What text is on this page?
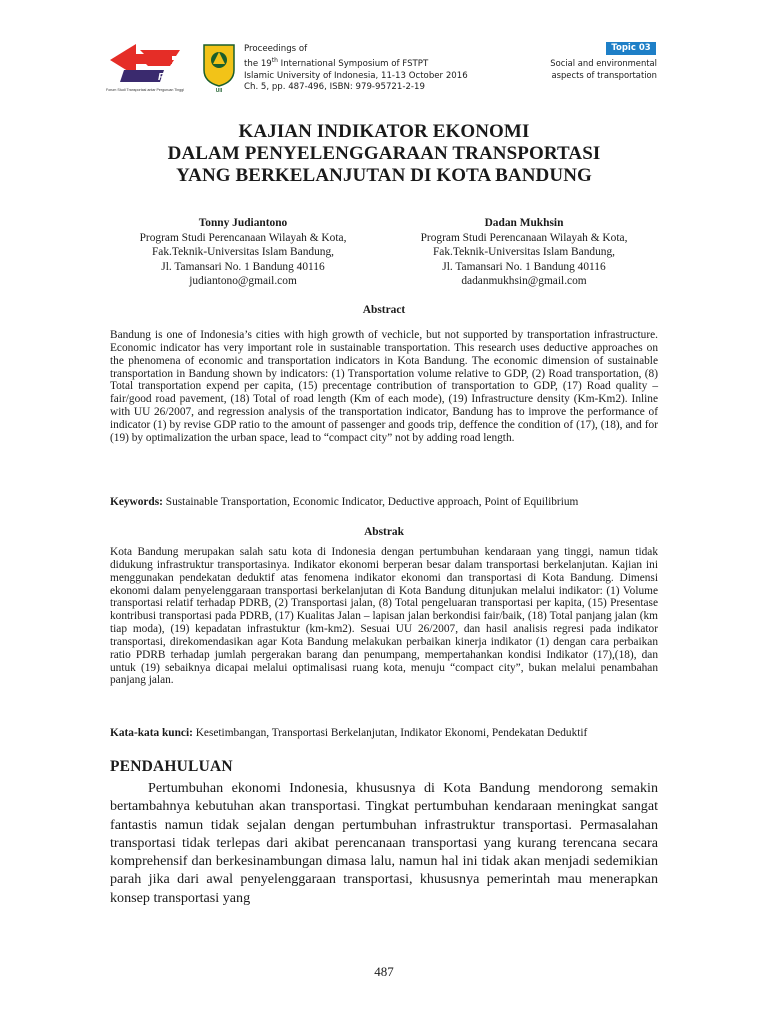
FSTPT
Forum Studi Transportasi antar Perguruan Tinggi	UII
Proceedings of
the 19th International Symposium of FSTPT
Islamic University of Indonesia, 11-13 October 2016
Ch. 5, pp. 487-496, ISBN: 979-95721-2-19
Topic 03
Social and environmental
aspects of transportation
KAJIAN INDIKATOR EKONOMI
DALAM PENYELENGGARAAN TRANSPORTASI
YANG BERKELANJUTAN DI KOTA BANDUNG
Tonny Judiantono
Program Studi Perencanaan Wilayah & Kota,
Fak.Teknik-Universitas Islam Bandung,
Jl. Tamansari No. 1 Bandung 40116
judiantono@gmail.com
Dadan Mukhsin
Program Studi Perencanaan Wilayah & Kota,
Fak.Teknik-Universitas Islam Bandung,
Jl. Tamansari No. 1 Bandung 40116
dadanmukhsin@gmail.com
Abstract
Bandung is one of Indonesia’s cities with high growth of vechicle, but not supported by transportation infrastructure. Economic indicator has very important role in sustainable transportation. This research uses deductive approaches on the phenomena of economic and transportation indicators in Kota Bandung. The economic dimension of sustainable transportation in Bandung shown by indicators: (1) Transportation volume relative to GDP, (2) Road transportation, (8) Total transportation expend per capita, (15) precentage contribution of transportation to GDP, (17) Road quality – fair/good road pavement, (18) Total of road length (Km of each mode), (19) Infrastructure density (Km-Km2). Inline with UU 26/2007, and regression analysis of the transportation indicator, Bandung has to improve the performance of indicator (1) by revise GDP ratio to the amount of passenger and goods trip, deffence the condition of (17), (18), and for (19) by optimalization the urban space, lead to “compact city” not by adding road length.
Keywords: Sustainable Transportation, Economic Indicator, Deductive approach, Point of Equilibrium
Abstrak
Kota Bandung merupakan salah satu kota di Indonesia dengan pertumbuhan kendaraan yang tinggi, namun tidak didukung infrastruktur transportasinya. Indikator ekonomi berperan besar dalam transportasi berkelanjutan. Kajian ini menggunakan pendekatan deduktif atas fenomena indikator ekonomi dan transportasi di Kota Bandung. Dimensi ekonomi dalam penyelenggaraan transportasi berkelanjutan di Kota Bandung ditunjukan melalui indikator: (1) Volume transportasi relatif terhadap PDRB, (2) Transportasi jalan, (8) Total pengeluaran transportasi per kapita, (15) Presentase kontribusi transportasi pada PDRB, (17) Kualitas Jalan – lapisan jalan berkondisi fair/baik, (18) Total panjang jalan (km tiap moda), (19) kepadatan infrastuktur (km-km2). Sesuai UU 26/2007, dan hasil analisis regresi pada indikator transportasi, direkomendasikan agar Kota Bandung melakukan perbaikan kinerja indikator (1) dengan cara perbaikan ratio PDRB terhadap jumlah pergerakan barang dan penumpang, mempertahankan kondisi Indikator (17),(18), dan untuk (19) sebaiknya dicapai melalui optimalisasi ruang kota, menuju “compact city”, bukan melalui penambahan panjang jalan.
Kata-kata kunci: Kesetimbangan, Transportasi Berkelanjutan, Indikator Ekonomi, Pendekatan Deduktif
PENDAHULUAN
Pertumbuhan ekonomi Indonesia, khususnya di Kota Bandung mendorong semakin bertambahnya kebutuhan akan transportasi. Tingkat pertumbuhan kendaraan meningkat sangat fantastis namun tidak sejalan dengan pertumbuhan infrastruktur transportasi. Permasalahan transportasi tidak terlepas dari akibat perencanaan transportasi yang kurang terencana secara komprehensif dan berkesinambungan dimasa lalu, namun hal ini tidak akan menjadi sedemikian parah jika dari awal penyelenggaraan transportasi, khususnya pemerintah mau menerapkan konsep transportasi yang
487
